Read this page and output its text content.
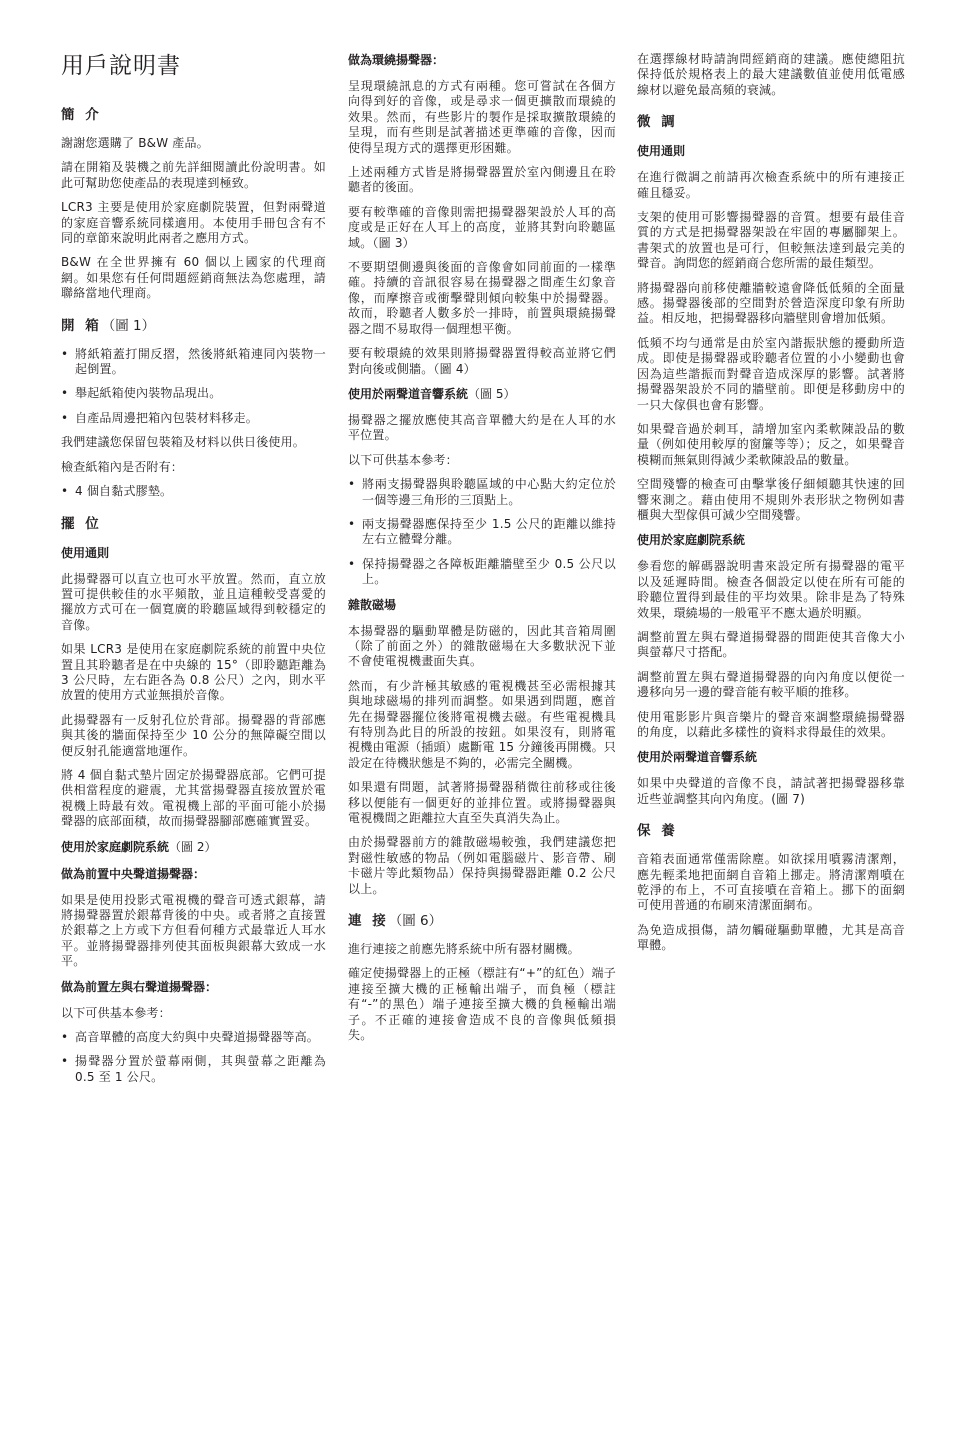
用戶說明書
簡 介

謝謝您選購了 B&W 產品。

請在開箱及裝機之前先詳細閱讀此份說明書。如此可幫助您使產品的表現達到極致。

LCR3 主要是使用於家庭劇院裝置，但對兩聲道的家庭音響系統同樣適用。本使用手冊包含有不同的章節來說明此兩者之應用方式。

B&W 在全世界擁有 60 個以上國家的代理商網。如果您有任何問題經銷商無法為您處理，請聯絡當地代理商。

開 箱（圖 1）
• 將紙箱蓋打開反摺，然後將紙箱連同內裝物一起倒置。
• 舉起紙箱使內裝物品現出。
• 自產品周邊把箱內包裝材料移走。

我們建議您保留包裝箱及材料以供日後使用。

檢查紙箱內是否附有：

• 4 個自黏式膠墊。
擺 位
使用通則

此揚聲器可以直立也可水平放置。然而，直立放置可提供較佳的水平頻散，並且這種較受喜愛的擺放方式可在一個寬廣的聆聽區域得到較穩定的音像。

如果 LCR3 是使用在家庭劇院系統的前置中央位置且其聆聽者是在中央線的 15°（即聆聽距離為 3 公尺時，左右距各為 0.8 公尺）之內，則水平放置的使用方式並無損於音像。

此揚聲器有一反射孔位於背部。揚聲器的背部應與其後的牆面保持至少 10 公分的無障礙空間以便反射孔能適當地運作。

將 4 個自黏式墊片固定於揚聲器底部。它們可提供相當程度的避震，尤其當揚聲器直接放置於電視機上時最有效。電視機上部的平面可能小於揚聲器的底部面積，故而揚聲器腳部應確實置妥。

使用於家庭劇院系統（圖 2）
做為前置中央聲道揚聲器：

如果是使用投影式電視機的聲音可透式銀幕，請將揚聲器置於銀幕背後的中央。或者將之直接置於銀幕之上方或下方但看何種方式最靠近人耳水平。並將揚聲器排列使其面板與銀幕大致成一水平。

做為前置左與右聲道揚聲器：

以下可供基本參考：

• 高音單體的高度大約與中央聲道揚聲器等高。
• 揚聲器分置於螢幕兩側，其與螢幕之距離為 0.5 至 1 公尺。
做為環繞揚聲器：

呈現環繞訊息的方式有兩種。您可嘗試在各個方向得到好的音像，或是尋求一個更擴散而環繞的效果。然而，有些影片的製作是採取擴散環繞的呈現，而有些則是試著描述更準確的音像，因而使得呈現方式的選擇更形困難。

上述兩種方式皆是將揚聲器置於室內側邊且在聆聽者的後面。

要有較準確的音像則需把揚聲器架設於人耳的高度或是正好在人耳上的高度，並將其對向聆聽區域。（圖 3）

不要期望側邊與後面的音像會如同前面的一樣準確。持續的音訊很容易在揚聲器之間產生幻象音像，而摩擦音或衝擊聲則傾向較集中於揚聲器。故而，聆聽者人數多於一排時，前置與環繞揚聲器之間不易取得一個理想平衡。

要有較環繞的效果則將揚聲器置得較高並將它們對向後或側牆。（圖 4）

使用於兩聲道音響系統（圖 5）

揚聲器之擺放應使其高音單體大約是在人耳的水平位置。

以下可供基本參考：

• 將兩支揚聲器與聆聽區域的中心點大約定位於一個等邊三角形的三頂點上。
• 兩支揚聲器應保持至少 1.5 公尺的距離以維持左右立體聲分離。
• 保持揚聲器之各障板距離牆壁至少 0.5 公尺以上。
雜散磁場

本揚聲器的驅動單體是防磁的，因此其音箱周圍（除了前面之外）的雜散磁場在大多數狀況下並不會使電視機畫面失真。

然而，有少許極其敏感的電視機甚至必需根據其與地球磁場的排列而調整。如果遇到問題，應首先在揚聲器擺位後將電視機去磁。有些電視機具有特別為此目的所設的按鈕。如果沒有，則將電視機由電源（插頭）處斷電 15 分鐘後再開機。只設定在待機狀態是不夠的，必需完全關機。

如果還有問題，試著將揚聲器稍微往前移或往後移以便能有一個更好的並排位置。或將揚聲器與電視機間之距離拉大直至失真消失為止。

由於揚聲器前方的雜散磁場較強，我們建議您把對磁性敏感的物品（例如電腦磁片、影音帶、刷卡磁片等此類物品）保持與揚聲器距離 0.2 公尺以上。

連 接（圖 6）

進行連接之前應先將系統中所有器材關機。

確定使揚聲器上的正極（標註有“+”的紅色）端子連接至擴大機的正極輸出端子，而負極（標註有“-”的黑色）端子連接至擴大機的負極輸出端子。不正確的連接會造成不良的音像與低頻損失。

在選擇線材時請詢問經銷商的建議。應使總阻抗保持低於規格表上的最大建議數值並使用低電感線材以避免最高頻的衰減。

微 調
使用通則

在進行微調之前請再次檢查系統中的所有連接正確且穩妥。

支架的使用可影響揚聲器的音質。想要有最佳音質的方式是把揚聲器架設在牢固的專屬腳架上。書架式的放置也是可行，但較無法達到最完美的聲音。詢問您的經銷商合您所需的最佳類型。

將揚聲器向前移使離牆較遠會降低低頻的全面量感。揚聲器後部的空間對於營造深度印象有所助益。相反地，把揚聲器移向牆壁則會增加低頻。

低頻不均勻通常是由於室內諧振狀態的擾動所造成。即使是揚聲器或聆聽者位置的小小變動也會因為這些諧振而對聲音造成深厚的影響。試著將揚聲器架設於不同的牆壁前。即便是移動房中的一只大傢俱也會有影響。

如果聲音過於刺耳，請增加室內柔軟陳設品的數量（例如使用較厚的窗簾等等）；反之，如果聲音模糊而無氣則得減少柔軟陳設品的數量。

空間殘響的檢查可由擊掌後仔細傾聽其快速的回響來測之。藉由使用不規則外表形狀之物例如書櫃與大型傢俱可減少空間殘響。

使用於家庭劇院系統

參看您的解碼器說明書來設定所有揚聲器的電平以及延遲時間。檢查各個設定以使在所有可能的聆聽位置得到最佳的平均效果。除非是為了特殊效果，環繞場的一般電平不應太過於明顯。

調整前置左與右聲道揚聲器的間距使其音像大小與螢幕尺寸搭配。

調整前置左與右聲道揚聲器的向內角度以便從一邊移向另一邊的聲音能有較平順的推移。

使用電影影片與音樂片的聲音來調整環繞揚聲器的角度，以藉此多樣性的資料求得最佳的效果。

使用於兩聲道音響系統

如果中央聲道的音像不良，請試著把揚聲器移靠近些並調整其向內角度。(圖 7)

保 養

音箱表面通常僅需除塵。如欲採用噴霧清潔劑，應先輕柔地把面網自音箱上挪走。將清潔劑噴在乾淨的布上，不可直接噴在音箱上。挪下的面網可使用普通的布刷來清潔面網布。

為免造成損傷，請勿觸碰驅動單體，尤其是高音單體。
